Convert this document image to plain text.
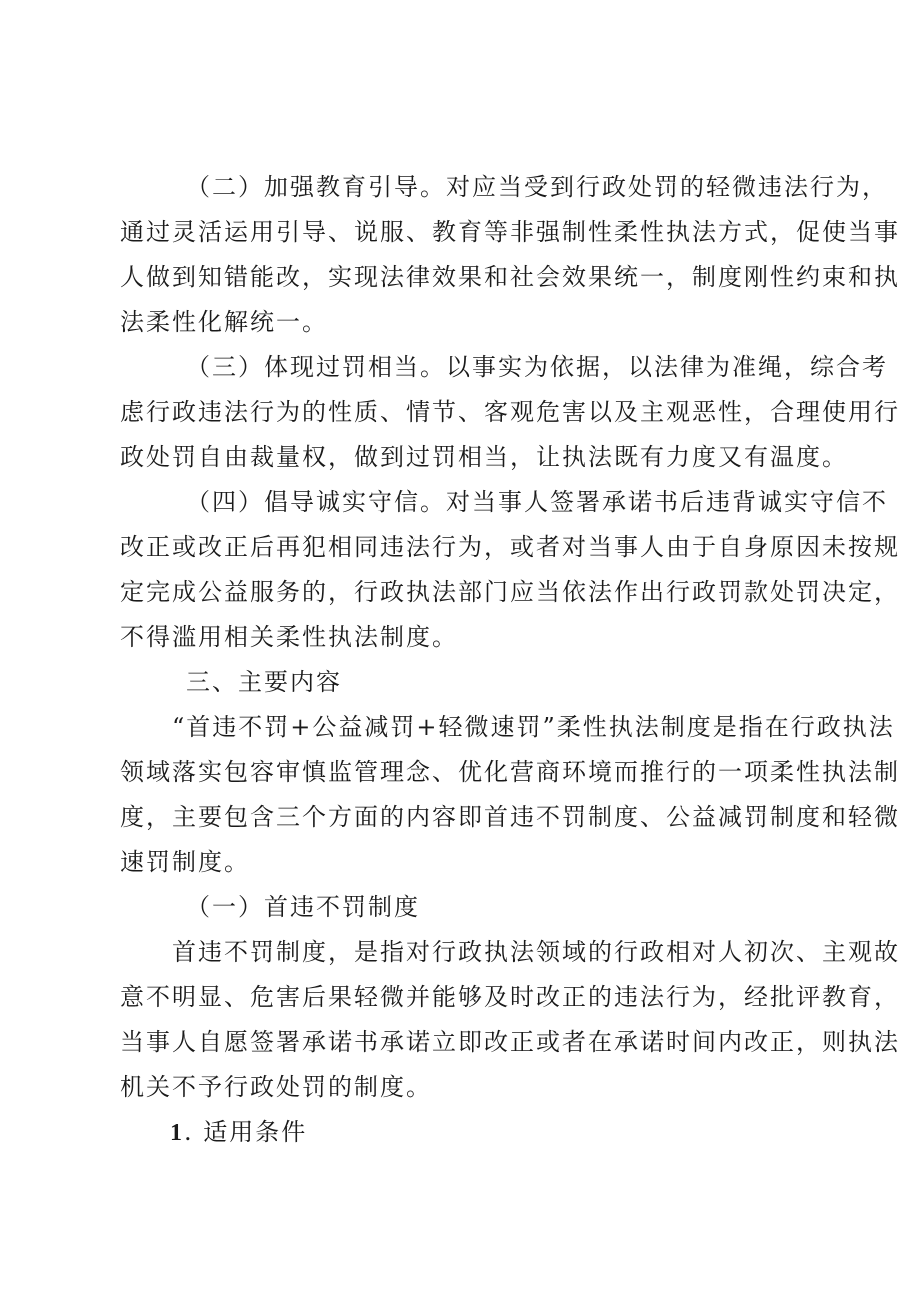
（二）加强教育引导。对应当受到行政处罚的轻微违法行为，
通过灵活运用引导、说服、教育等非强制性柔性执法方式，促使当事
人做到知错能改，实现法律效果和社会效果统一，制度刚性约束和执
法柔性化解统一。
（三）体现过罚相当。以事实为依据，以法律为准绳，综合考
虑行政违法行为的性质、情节、客观危害以及主观恶性，合理使用行
政处罚自由裁量权，做到过罚相当，让执法既有力度又有温度。
（四）倡导诚实守信。对当事人签署承诺书后违背诚实守信不
改正或改正后再犯相同违法行为，或者对当事人由于自身原因未按规
定完成公益服务的，行政执法部门应当依法作出行政罚款处罚决定，
不得滥用相关柔性执法制度。
三、主要内容
“首违不罚+公益减罚+轻微速罚”柔性执法制度是指在行政执法
领域落实包容审慎监管理念、优化营商环境而推行的一项柔性执法制
度，主要包含三个方面的内容即首违不罚制度、公益减罚制度和轻微
速罚制度。
（一）首违不罚制度
首违不罚制度，是指对行政执法领域的行政相对人初次、主观故
意不明显、危害后果轻微并能够及时改正的违法行为，经批评教育，
当事人自愿签署承诺书承诺立即改正或者在承诺时间内改正，则执法
机关不予行政处罚的制度。
1. 适用条件
